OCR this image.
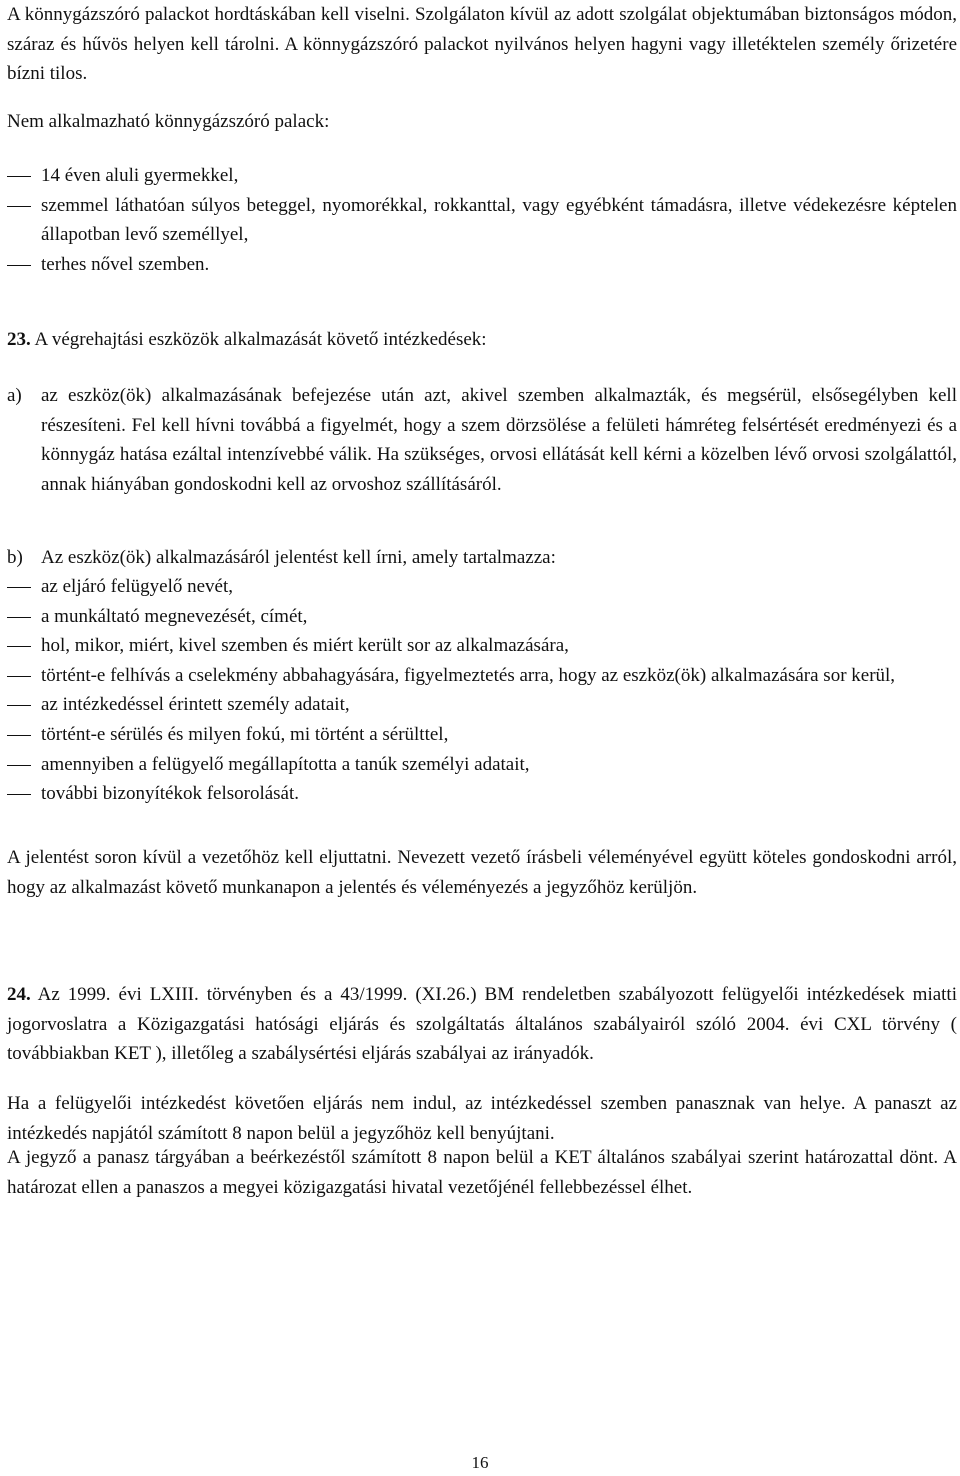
A könnygázszóró palackot hordtáskában kell viselni. Szolgálaton kívül az adott szolgálat objektumában biztonságos módon, száraz és hűvös helyen kell tárolni. A könnygázszóró palackot nyilvános helyen hagyni vagy illetéktelen személy őrizetére bízni tilos.

Nem alkalmazható könnygázszóró palack:

14 éven aluli gyermekkel,
szemmel láthatóan súlyos beteggel, nyomorékkal, rokkanttal, vagy egyébként támadásra, illetve védekezésre képtelen állapotban levő személlyel,
terhes nővel szemben.

23. A végrehajtási eszközök alkalmazását követő intézkedések:

a) az eszköz(ök) alkalmazásának befejezése után azt, akivel szemben alkalmazták, és megsérül, elsősegélyben kell részesíteni. Fel kell hívni továbbá a figyelmét, hogy a szem dörzsölése a felületi hámréteg felsértését eredményezi és a könnygáz hatása ezáltal intenzívebbé válik. Ha szükséges, orvosi ellátását kell kérni a közelben lévő orvosi szolgálattól, annak hiányában gondoskodni kell az orvoshoz szállításáról.

b) Az eszköz(ök) alkalmazásáról jelentést kell írni, amely tartalmazza:

az eljáró felügyelő nevét,
a munkáltató megnevezését, címét,
hol, mikor, miért, kivel szemben és miért került sor az alkalmazására,
történt-e felhívás a cselekmény abbahagyására, figyelmeztetés arra, hogy az eszköz(ök) alkalmazására sor kerül,
az intézkedéssel érintett személy adatait,
történt-e sérülés és milyen fokú, mi történt a sérülttel,
amennyiben a felügyelő megállapította a tanúk személyi adatait,
további bizonyítékok felsorolását.

A jelentést soron kívül a vezetőhöz kell eljuttatni. Nevezett vezető írásbeli véleményével együtt köteles gondoskodni arról, hogy az alkalmazást követő munkanapon a jelentés és véleményezés a jegyzőhöz kerüljön.

24. Az 1999. évi LXIII. törvényben és a 43/1999. (XI.26.) BM rendeletben szabályozott felügyelői intézkedések miatti jogorvoslatra a Közigazgatási hatósági eljárás és szolgáltatás általános szabályairól szóló 2004. évi CXL törvény ( továbbiakban KET ), illetőleg a szabálysértési eljárás szabályai az irányadók.

Ha a felügyelői intézkedést követően eljárás nem indul, az intézkedéssel szemben panasznak van helye. A panaszt az intézkedés napjától számított 8 napon belül a jegyzőhöz kell benyújtani.

A jegyző a panasz tárgyában a beérkezéstől számított 8 napon belül a KET általános szabályai szerint határozattal dönt. A határozat ellen a panaszos a megyei közigazgatási hivatal vezetőjénél fellebbezéssel élhet.

16
